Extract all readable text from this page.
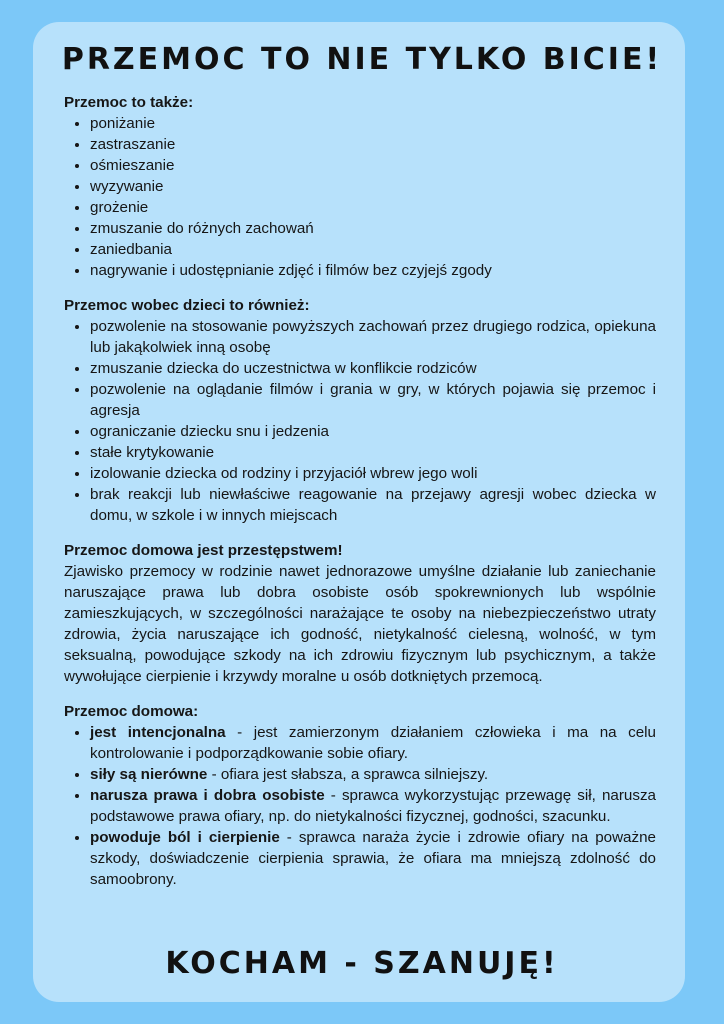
PRZEMOC TO NIE TYLKO BICIE!
Przemoc to także:
• poniżanie
• zastraszanie
• ośmieszanie
• wyzywanie
• grożenie
• zmuszanie do różnych zachowań
• zaniedbania
• nagrywanie i udostępnianie zdjęć i filmów bez czyjejś zgody
Przemoc wobec dzieci to również:
• pozwolenie na stosowanie powyższych zachowań przez drugiego rodzica, opiekuna lub jakąkolwiek inną osobę
• zmuszanie dziecka do uczestnictwa w konflikcie rodziców
• pozwolenie na oglądanie filmów i grania w gry, w których pojawia się przemoc i agresja
• ograniczanie dziecku snu i jedzenia
• stałe krytykowanie
• izolowanie dziecka od rodziny i przyjaciół wbrew jego woli
• brak reakcji lub niewłaściwe reagowanie na przejawy agresji wobec dziecka w domu, w szkole i w innych miejscach
Przemoc domowa jest przestępstwem!
Zjawisko przemocy w rodzinie nawet jednorazowe umyślne działanie lub zaniechanie naruszające prawa lub dobra osobiste osób spokrewnionych lub wspólnie zamieszkujących, w szczególności narażające te osoby na niebezpieczeństwo utraty zdrowia, życia naruszające ich godność, nietykalność cielesną, wolność, w tym seksualną, powodujące szkody na ich zdrowiu fizycznym lub psychicznym, a także wywołujące cierpienie i krzywdy moralne u osób dotkniętych przemocą.
Przemoc domowa:
• jest intencjonalna - jest zamierzonym działaniem człowieka i ma na celu kontrolowanie i podporządkowanie sobie ofiary.
• siły są nierówne - ofiara jest słabsza, a sprawca silniejszy.
• narusza prawa i dobra osobiste - sprawca wykorzystując przewagę sił, narusza podstawowe prawa ofiary, np. do nietykalności fizycznej, godności, szacunku.
• powoduje ból i cierpienie - sprawca naraża życie i zdrowie ofiary na poważne szkody, doświadczenie cierpienia sprawia, że ofiara ma mniejszą zdolność do samoobrony.
KOCHAM - SZANUJĘ!
